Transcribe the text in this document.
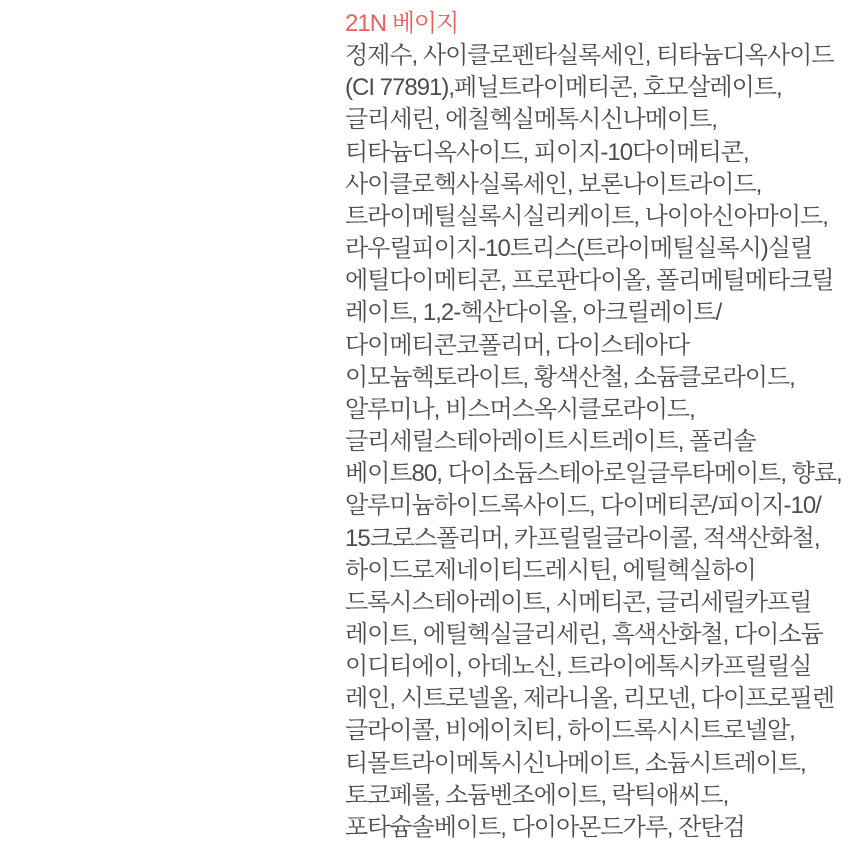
21N 베이지
정제수, 사이클로펜타실록세인, 티타늄디옥사이드
(CI 77891),페닐트라이메티콘, 호모살레이트,
글리세린, 에칠헥실메톡시신나메이트,
티타늄디옥사이드, 피이지-10다이메티콘,
사이클로헥사실록세인, 보론나이트라이드,
트라이메틸실록시실리케이트, 나이아신아마이드,
라우릴피이지-10트리스(트라이메틸실록시)실릴
에틸다이메티콘, 프로판다이올, 폴리메틸메타크릴
레이트, 1,2-헥산다이올, 아크릴레이트/
다이메티콘코폴리머, 다이스테아다
이모늄헥토라이트, 황색산철, 소듐클로라이드,
알루미나, 비스머스옥시클로라이드,
글리세릴스테아레이트시트레이트, 폴리솔
베이트80, 다이소듐스테아로일글루타메이트, 향료,
알루미늄하이드록사이드, 다이메티콘/피이지-10/
15크로스폴리머, 카프릴릴글라이콜, 적색산화철,
하이드로제네이티드레시틴, 에틸헥실하이
드록시스테아레이트, 시메티콘, 글리세릴카프릴
레이트, 에틸헥실글리세린, 흑색산화철, 다이소듐
이디티에이, 아데노신, 트라이에톡시카프릴릴실
레인, 시트로넬올, 제라니올, 리모넨, 다이프로필렌
글라이콜, 비에이치티, 하이드록시시트로넬알,
티몰트라이메톡시신나메이트, 소듐시트레이트,
토코페롤, 소듐벤조에이트, 락틱애씨드,
포타슘솔베이트, 다이아몬드가루, 잔탄검
